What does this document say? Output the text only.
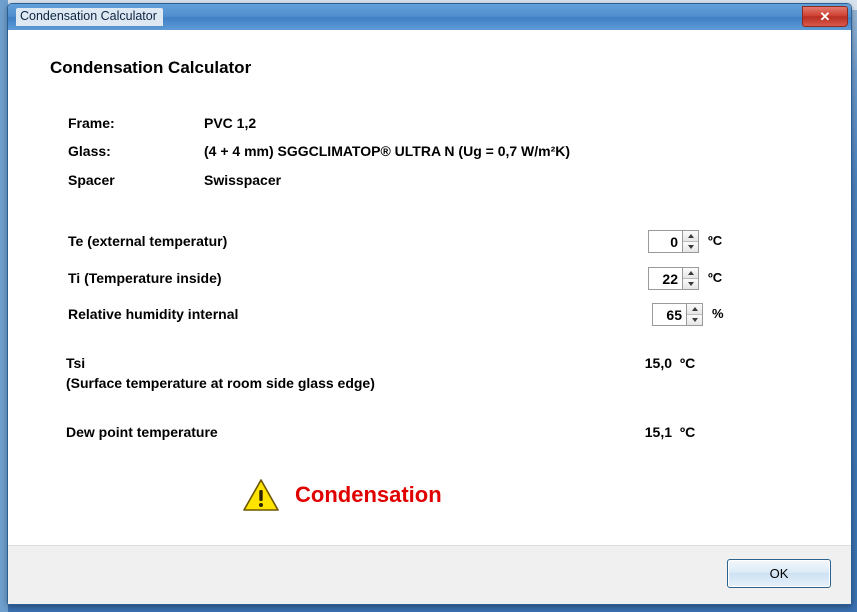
Condensation Calculator	✕
Condensation Calculator
Frame:	PVC 1,2
Glass:	(4 + 4 mm) SGGCLIMATOP® ULTRA N (Ug = 0,7 W/m²K)
Spacer	Swisspacer
Te (external temperatur)
0	ºC
Ti (Temperature inside)
22	ºC
Relative humidity internal
65	%
Tsi
(Surface temperature at room side glass edge)
15,0 ºC
Dew point temperature	15,1 ºC
Condensation
OK
